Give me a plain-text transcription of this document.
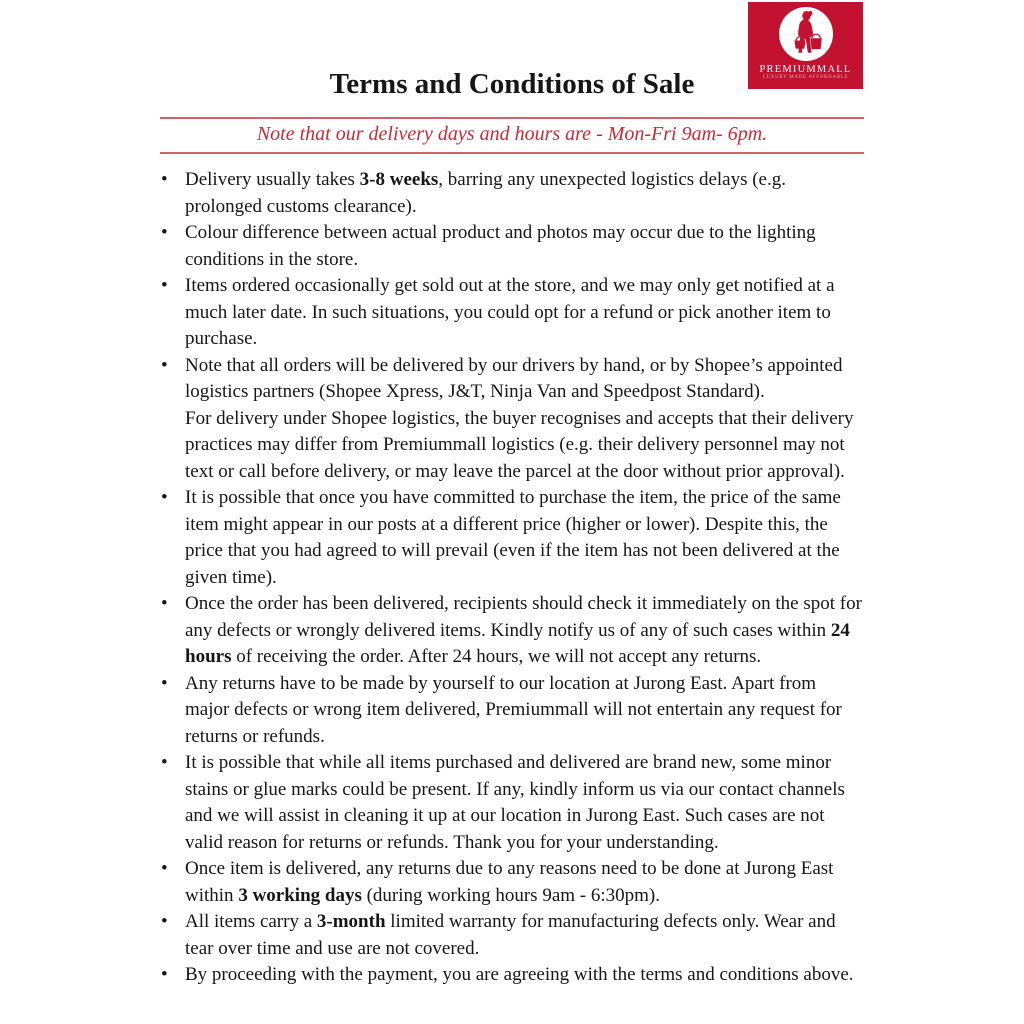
PREMIUMMALL
LUXURY MADE AFFORDABLE
Terms and Conditions of Sale
Note that our delivery days and hours are - Mon-Fri 9am- 6pm.
• Delivery usually takes 3-8 weeks, barring any unexpected logistics delays (e.g. prolonged customs clearance).
• Colour difference between actual product and photos may occur due to the lighting conditions in the store.
• Items ordered occasionally get sold out at the store, and we may only get notified at a much later date. In such situations, you could opt for a refund or pick another item to purchase.
• Note that all orders will be delivered by our drivers by hand, or by Shopee’s appointed logistics partners (Shopee Xpress, J&T, Ninja Van and Speedpost Standard).
For delivery under Shopee logistics, the buyer recognises and accepts that their delivery practices may differ from Premiummall logistics (e.g. their delivery personnel may not text or call before delivery, or may leave the parcel at the door without prior approval).
• It is possible that once you have committed to purchase the item, the price of the same item might appear in our posts at a different price (higher or lower). Despite this, the price that you had agreed to will prevail (even if the item has not been delivered at the given time).
• Once the order has been delivered, recipients should check it immediately on the spot for any defects or wrongly delivered items. Kindly notify us of any of such cases within 24 hours of receiving the order. After 24 hours, we will not accept any returns.
• Any returns have to be made by yourself to our location at Jurong East. Apart from major defects or wrong item delivered, Premiummall will not entertain any request for returns or refunds.
• It is possible that while all items purchased and delivered are brand new, some minor stains or glue marks could be present. If any, kindly inform us via our contact channels and we will assist in cleaning it up at our location in Jurong East. Such cases are not valid reason for returns or refunds. Thank you for your understanding.
• Once item is delivered, any returns due to any reasons need to be done at Jurong East within 3 working days (during working hours 9am - 6:30pm).
• All items carry a 3-month limited warranty for manufacturing defects only. Wear and tear over time and use are not covered.
• By proceeding with the payment, you are agreeing with the terms and conditions above.
